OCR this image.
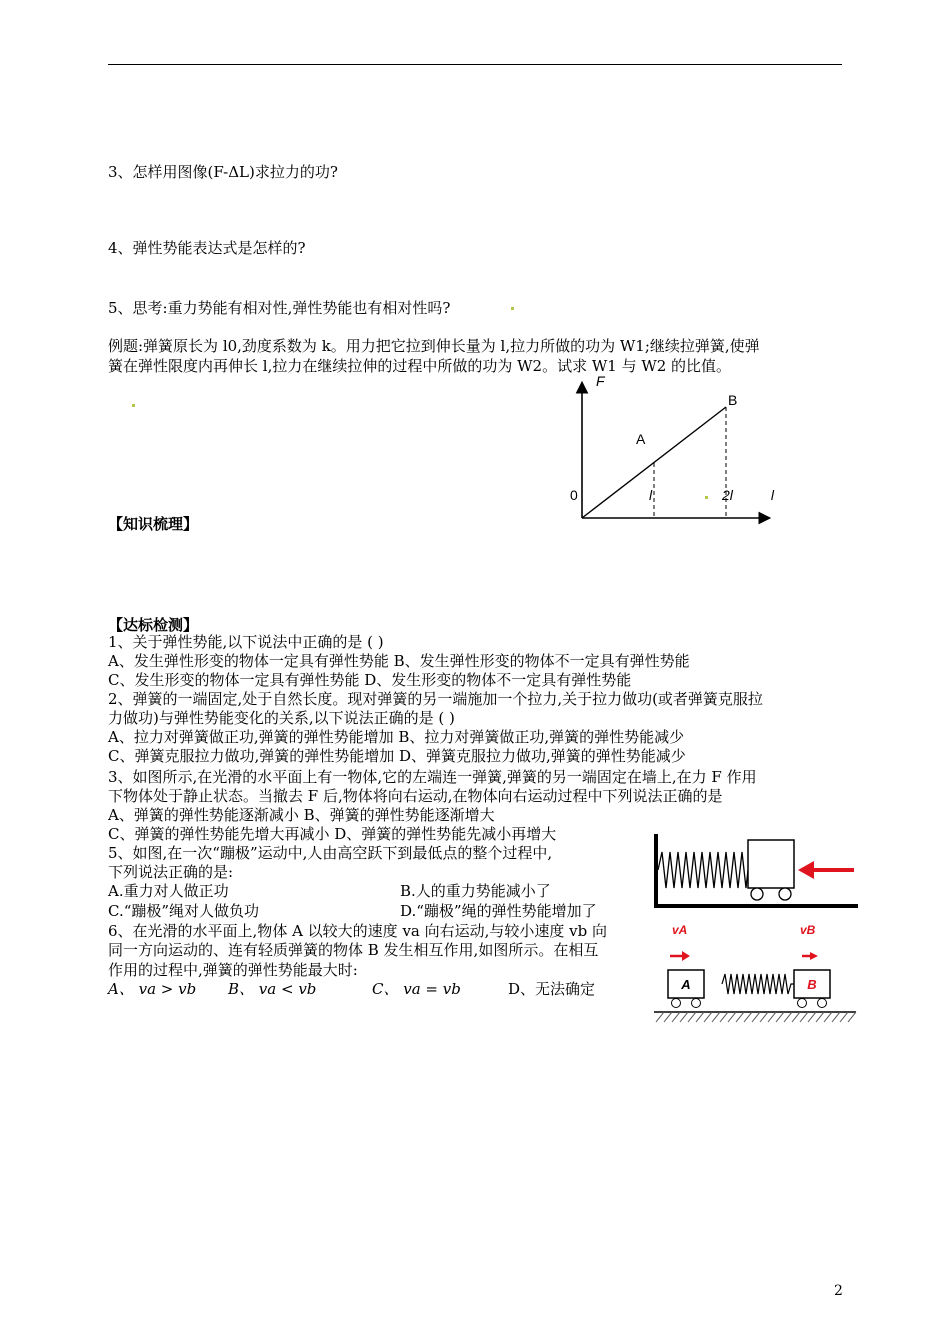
3、怎样用图像(F-ΔL)求拉力的功?
4、弹性势能表达式是怎样的?
5、思考:重力势能有相对性,弹性势能也有相对性吗?
例题:弹簧原长为 l0,劲度系数为 k。用力把它拉到伸长量为 l,拉力所做的功为 W1;继续拉弹簧,使弹
簧在弹性限度内再伸长 l,拉力在继续拉伸的过程中所做的功为 W2。试求 W1 与 W2 的比值。
F
A
B
0	l	2l	l
【知识梳理】
【达标检测】
1、关于弹性势能,以下说法中正确的是 ( )
A、发生弹性形变的物体一定具有弹性势能 B、发生弹性形变的物体不一定具有弹性势能
C、发生形变的物体一定具有弹性势能 D、发生形变的物体不一定具有弹性势能
2、弹簧的一端固定,处于自然长度。现对弹簧的另一端施加一个拉力,关于拉力做功(或者弹簧克服拉
力做功)与弹性势能变化的关系,以下说法正确的是 ( )
A、拉力对弹簧做正功,弹簧的弹性势能增加 B、拉力对弹簧做正功,弹簧的弹性势能减少
C、弹簧克服拉力做功,弹簧的弹性势能增加 D、弹簧克服拉力做功,弹簧的弹性势能减少
3、如图所示,在光滑的水平面上有一物体,它的左端连一弹簧,弹簧的另一端固定在墙上,在力 F 作用
下物体处于静止状态。当撤去 F 后,物体将向右运动,在物体向右运动过程中下列说法正确的是
A、弹簧的弹性势能逐渐减小 B、弹簧的弹性势能逐渐增大
C、弹簧的弹性势能先增大再减小 D、弹簧的弹性势能先减小再增大
5、如图,在一次“蹦极”运动中,人由高空跃下到最低点的整个过程中,
下列说法正确的是:
A.重力对人做正功	B.人的重力势能减小了
C.“蹦极”绳对人做负功	D.“蹦极”绳的弹性势能增加了
6、在光滑的水平面上,物体 A 以较大的速度 va 向右运动,与较小速度 vb 向
同一方向运动的、连有轻质弹簧的物体 B 发生相互作用,如图所示。在相互
作用的过程中,弹簧的弹性势能最大时:
A、 va > vb B、 va < vb	C、 va = vb	D、无法确定
vA	vB
A	B
2
